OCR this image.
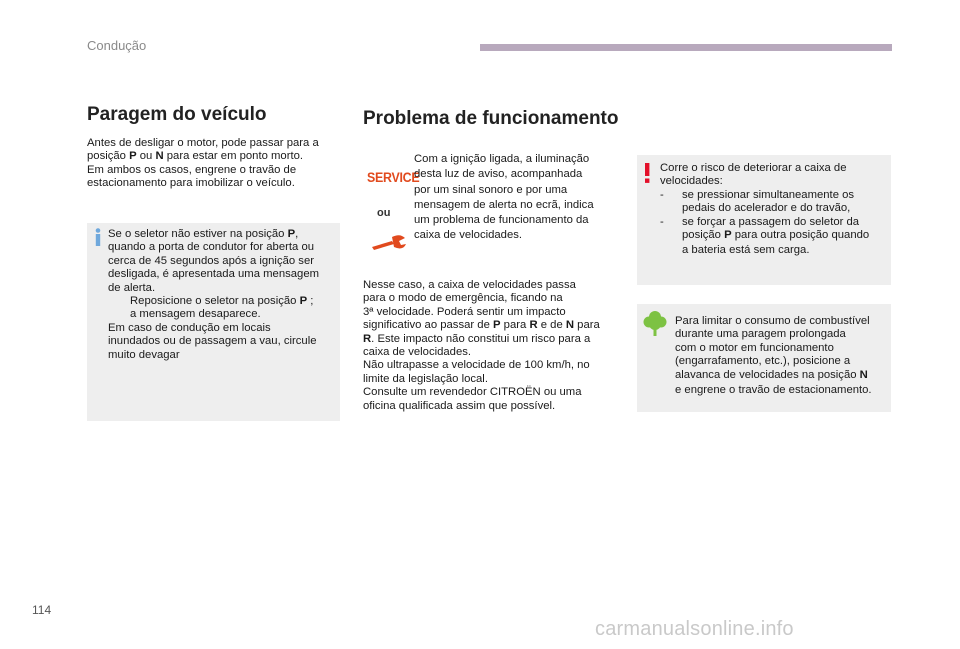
Condução
Paragem do veículo
Antes de desligar o motor, pode passar para a
posição P ou N para estar em ponto morto.
Em ambos os casos, engrene o travão de
estacionamento para imobilizar o veículo.
Se o seletor não estiver na posição P,
quando a porta de condutor for aberta ou
cerca de 45 segundos após a ignição ser
desligada, é apresentada uma mensagem
de alerta.
Reposicione o seletor na posição P ;
a mensagem desaparece.
Em caso de condução em locais
inundados ou de passagem a vau, circule
muito devagar
Problema de funcionamento
SERVICE
ou
Com a ignição ligada, a iluminação
desta luz de aviso, acompanhada
por um sinal sonoro e por uma
mensagem de alerta no ecrã, indica
um problema de funcionamento da
caixa de velocidades.
Nesse caso, a caixa de velocidades passa
para o modo de emergência, ficando na
3ª velocidade. Poderá sentir um impacto
significativo ao passar de P para R e de N para
R. Este impacto não constitui um risco para a
caixa de velocidades.
Não ultrapasse a velocidade de 100 km/h, no
limite da legislação local.
Consulte um revendedor CITROËN ou uma
oficina qualificada assim que possível.
Corre o risco de deteriorar a caixa de
velocidades:
-	se pressionar simultaneamente os
pedais do acelerador e do travão,
-	se forçar a passagem do seletor da
posição P para outra posição quando
a bateria está sem carga.
Para limitar o consumo de combustível
durante uma paragem prolongada
com o motor em funcionamento
(engarrafamento, etc.), posicione a
alavanca de velocidades na posição N
e engrene o travão de estacionamento.
114
carmanualsonline.info
